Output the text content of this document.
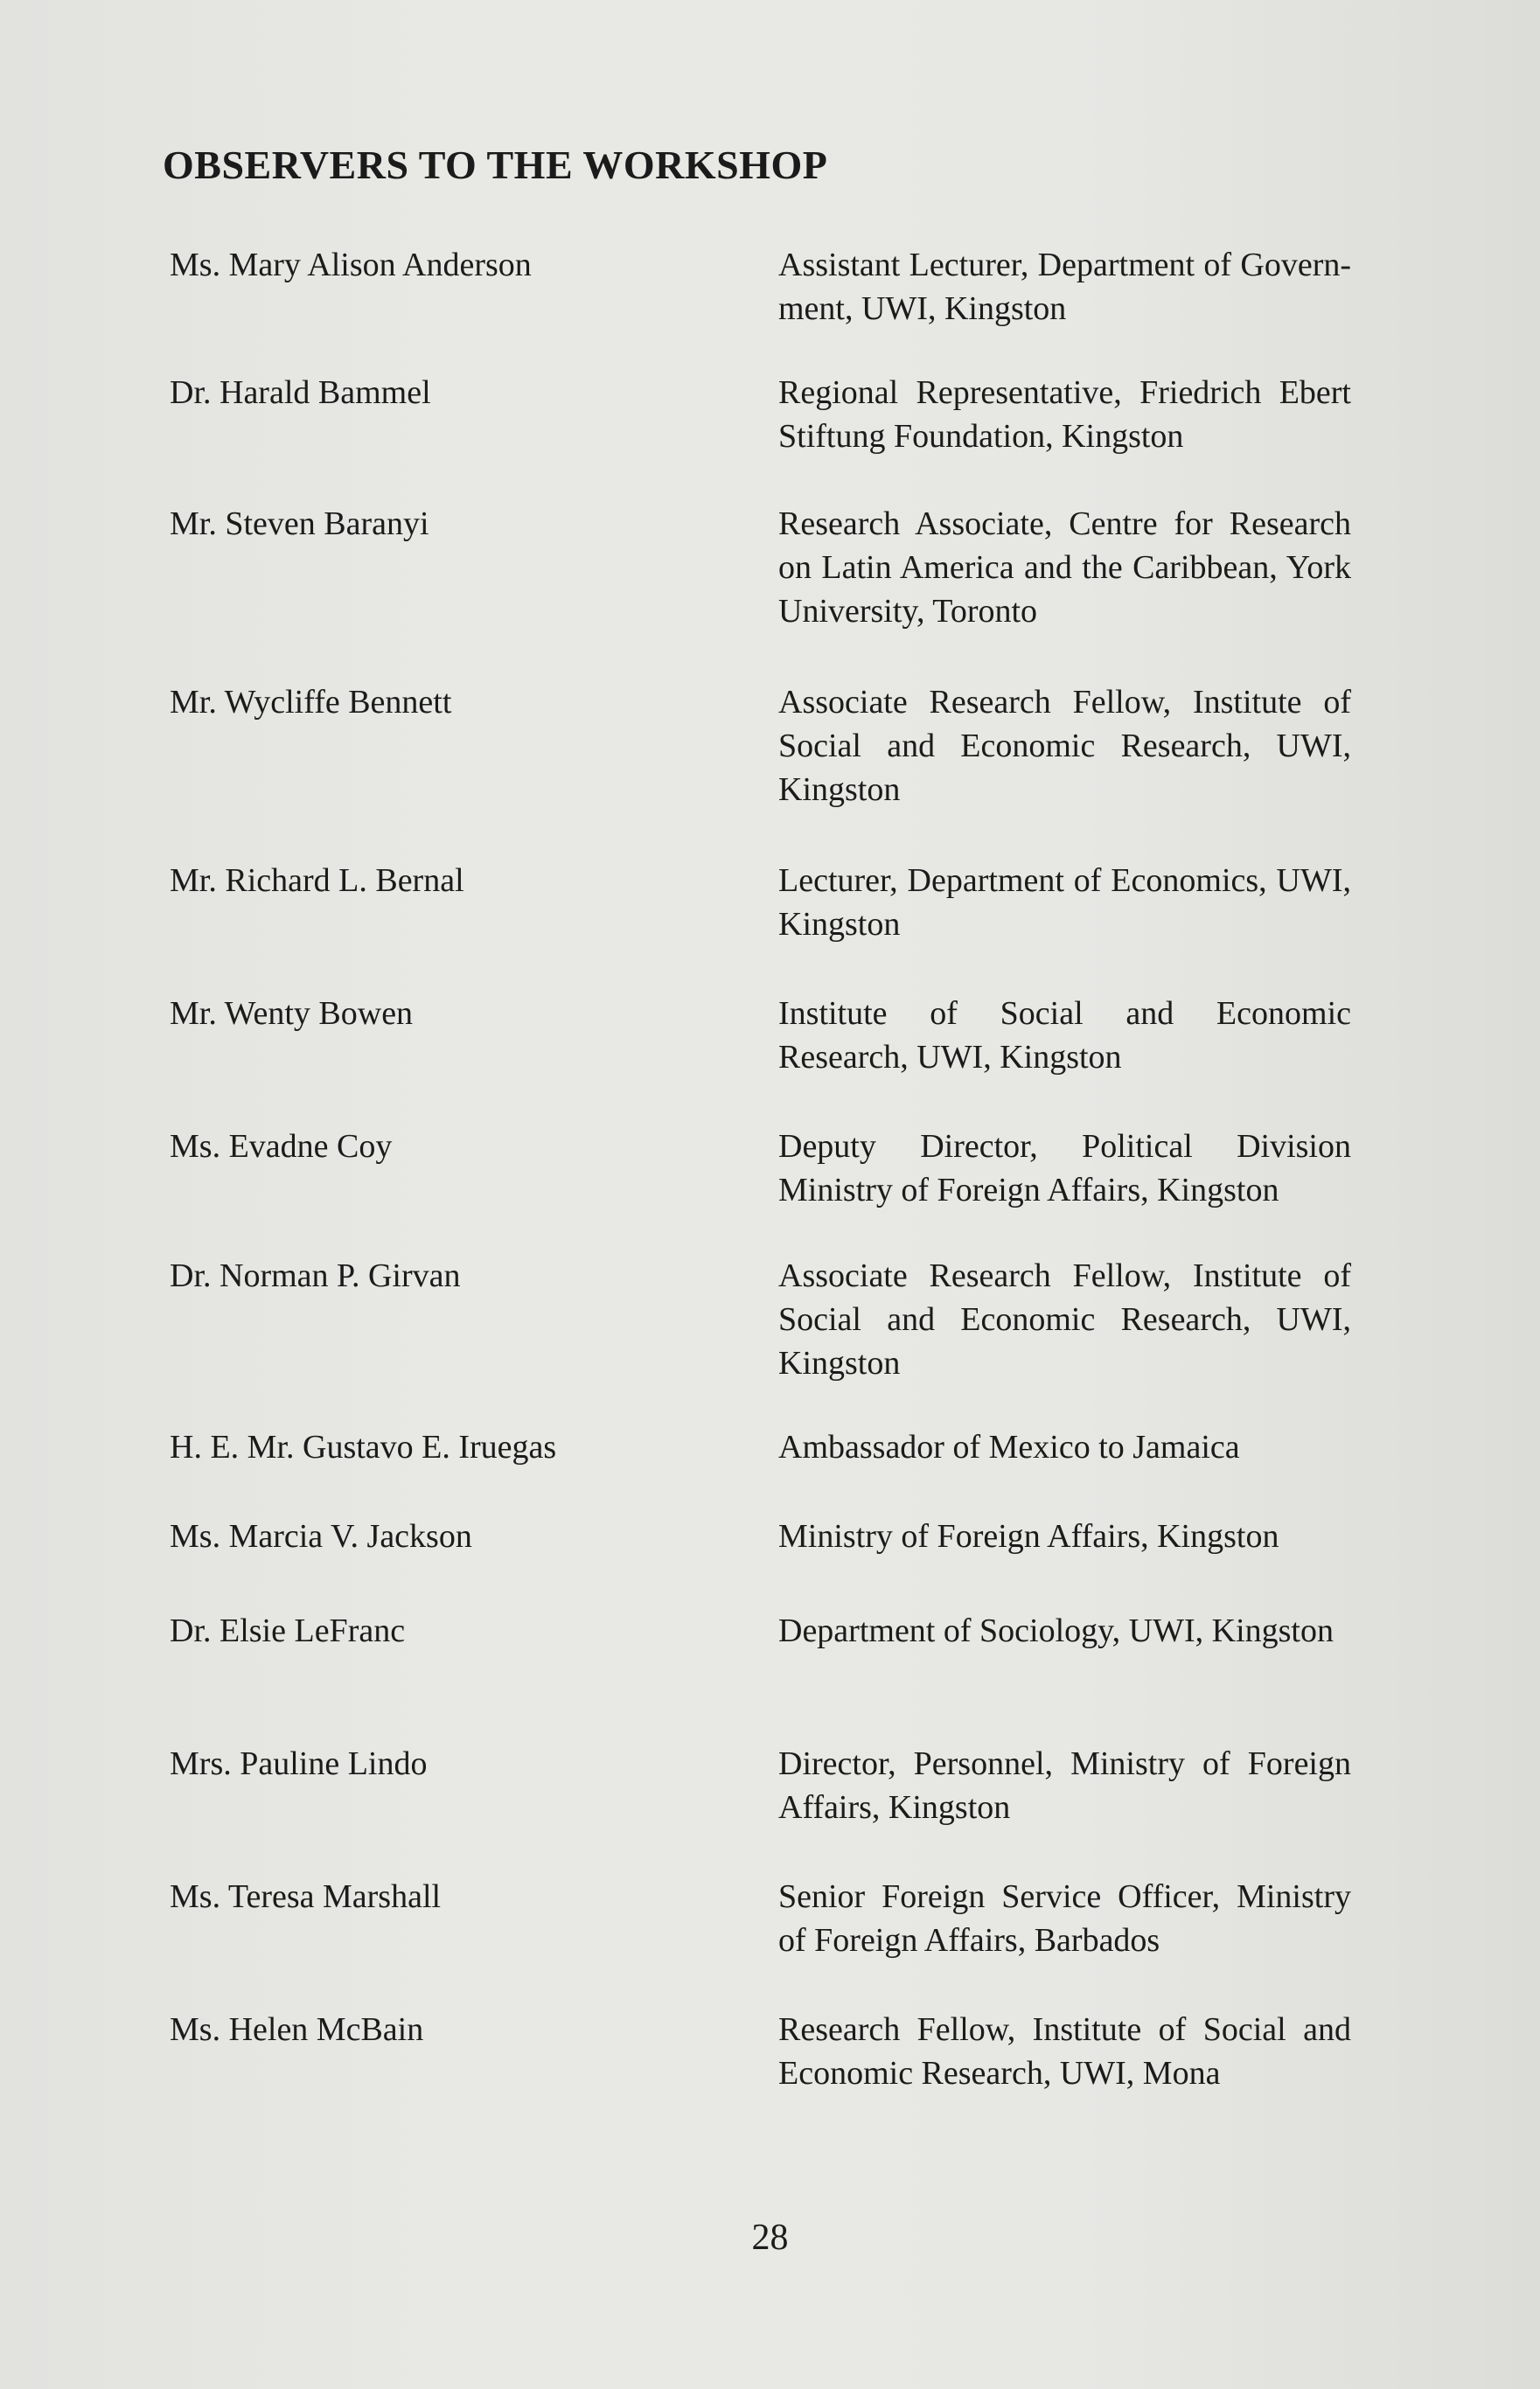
OBSERVERS TO THE WORKSHOP
Ms. Mary Alison Anderson	Assistant Lecturer, Department of Govern-ment, UWI, Kingston
Dr. Harald Bammel	Regional Representative, Friedrich Ebert Stiftung Foundation, Kingston
Mr. Steven Baranyi	Research Associate, Centre for Research on Latin America and the Caribbean, York University, Toronto
Mr. Wycliffe Bennett	Associate Research Fellow, Institute of Social and Economic Research, UWI, Kingston
Mr. Richard L. Bernal	Lecturer, Department of Economics, UWI, Kingston
Mr. Wenty Bowen	Institute of Social and Economic Research, UWI, Kingston
Ms. Evadne Coy	Deputy Director, Political Division Ministry of Foreign Affairs, Kingston
Dr. Norman P. Girvan	Associate Research Fellow, Institute of Social and Economic Research, UWI, Kingston
H. E. Mr. Gustavo E. Iruegas	Ambassador of Mexico to Jamaica
Ms. Marcia V. Jackson	Ministry of Foreign Affairs, Kingston
Dr. Elsie LeFranc	Department of Sociology, UWI, Kingston
Mrs. Pauline Lindo	Director, Personnel, Ministry of Foreign Affairs, Kingston
Ms. Teresa Marshall	Senior Foreign Service Officer, Ministry of Foreign Affairs, Barbados
Ms. Helen McBain	Research Fellow, Institute of Social and Economic Research, UWI, Mona
28
